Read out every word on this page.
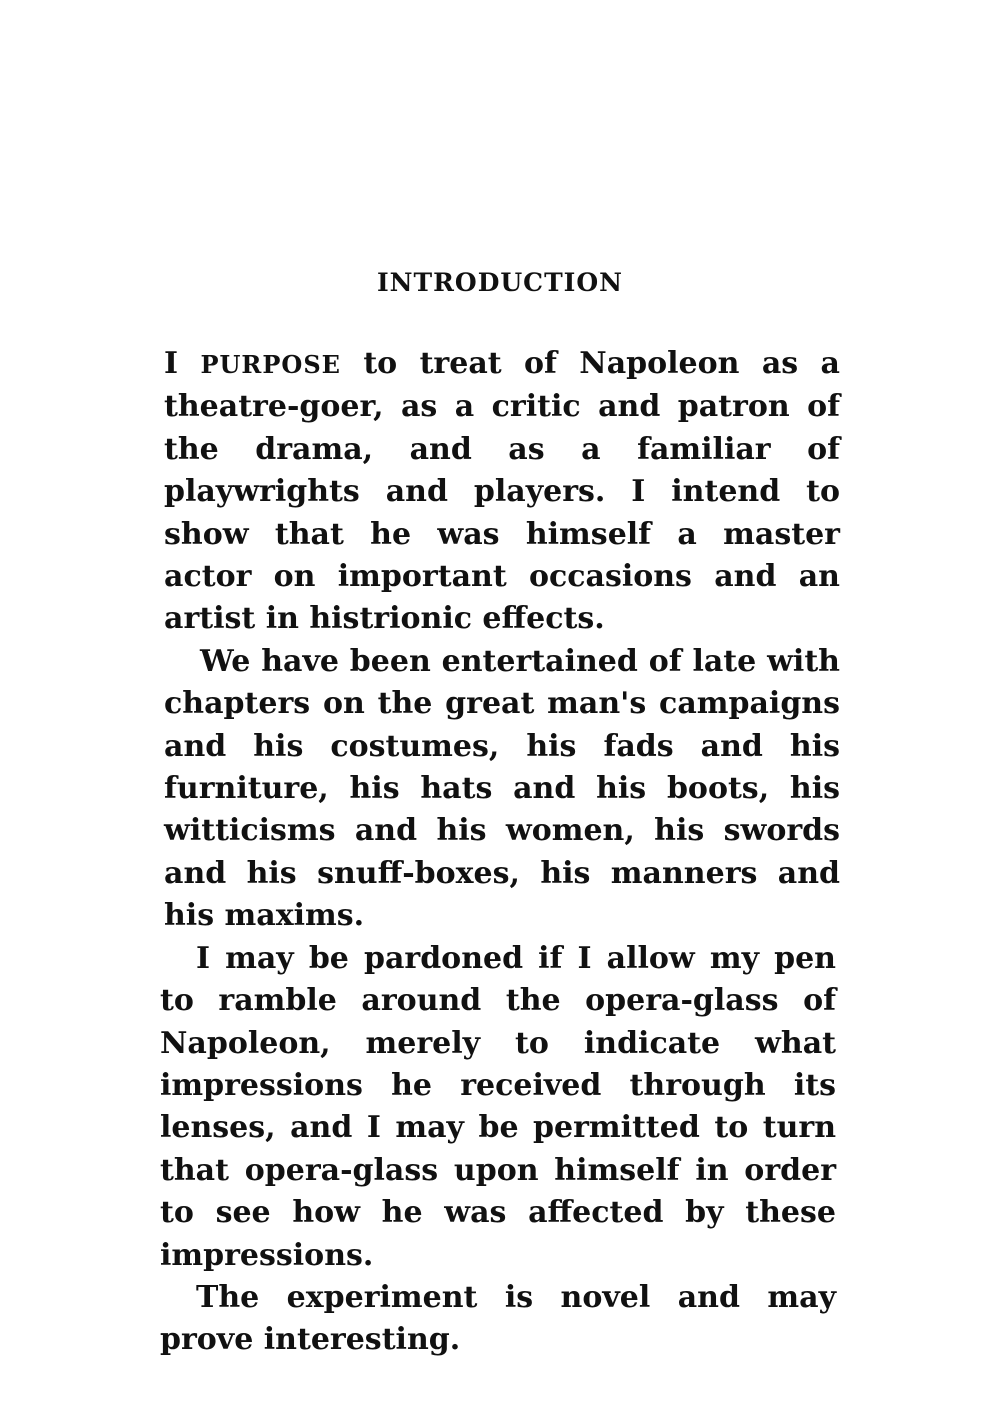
INTRODUCTION

I PURPOSE to treat of Napoleon as a theatre-goer, as a critic and patron of the drama, and as a familiar of playwrights and players. I intend to show that he was himself a master actor on important occasions and an artist in histrionic effects.

We have been entertained of late with chapters on the great man's campaigns and his costumes, his fads and his furniture, his hats and his boots, his witticisms and his women, his swords and his snuff-boxes, his manners and his maxims.

I may be pardoned if I allow my pen to ramble around the opera-glass of Napoleon, merely to indicate what impressions he received through its lenses, and I may be permitted to turn that opera-glass upon himself in order to see how he was affected by these impressions.

The experiment is novel and may prove interesting.
